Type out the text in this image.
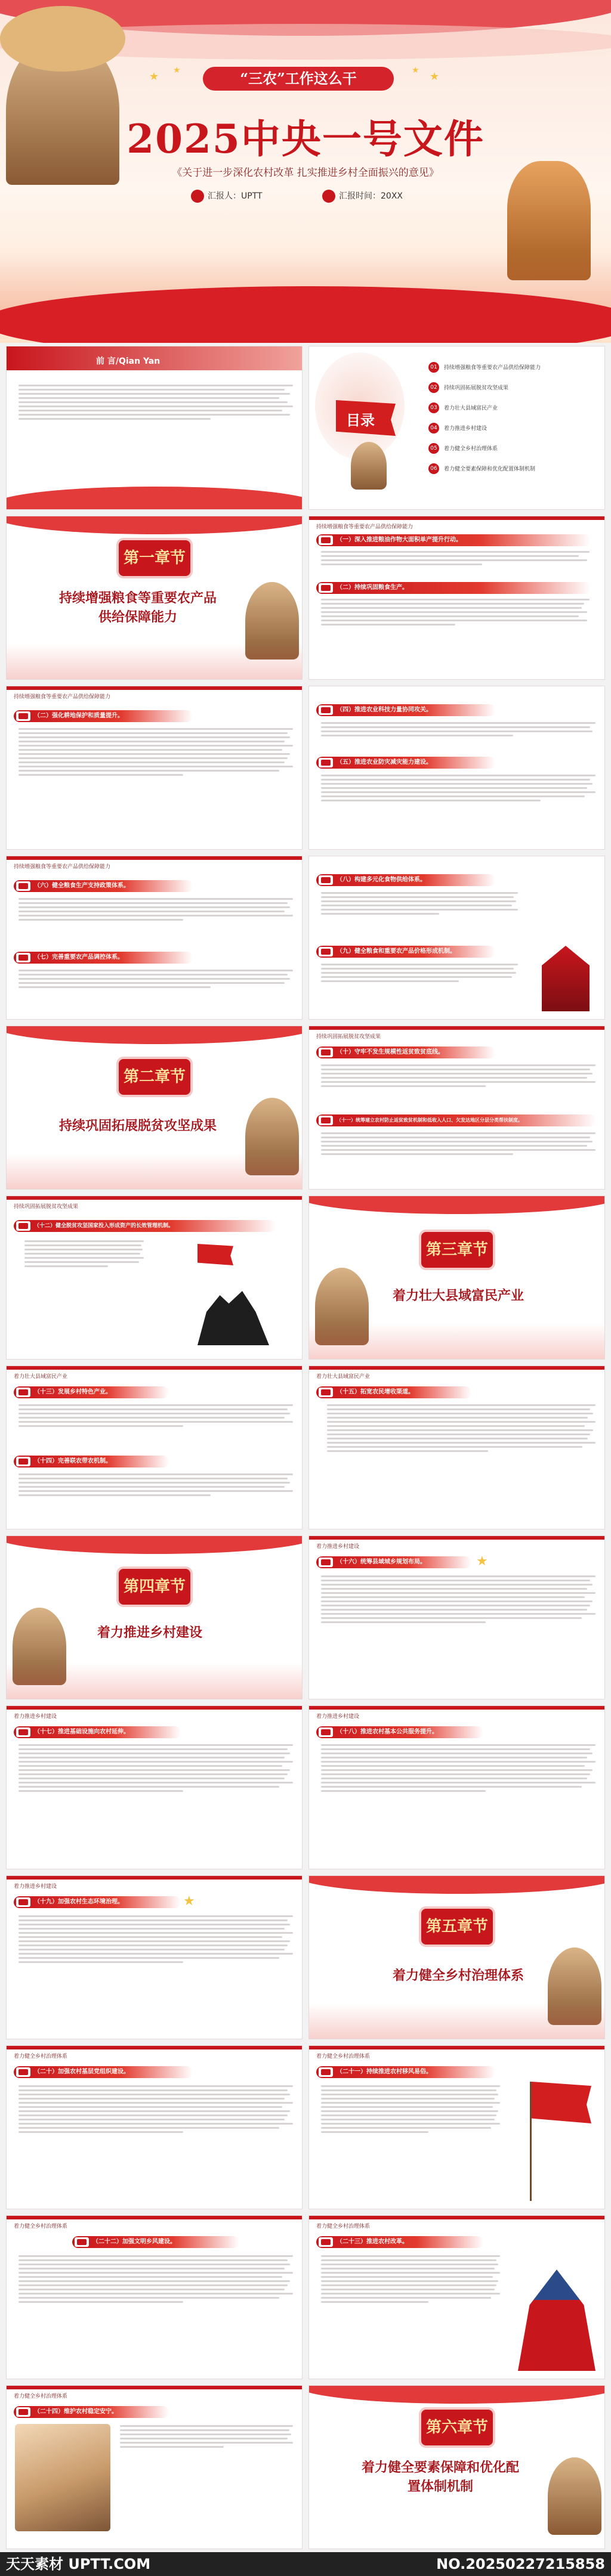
★ ★	★ ★
“三农”工作这么干
2025中央一号文件
《关于进一步深化农村改革 扎实推进乡村全面振兴的意见》
汇报人：UPTT	汇报时间：20XX
前 言/Qian Yan
目录
01	持续增强粮食等重要农产品供给保障能力
02	持续巩固拓展脱贫攻坚成果
03	着力壮大县域富民产业
04	着力推进乡村建设
05	着力健全乡村治理体系
06	着力健全要素保障和优化配置体制机制
第一章节
持续增强粮食等重要农产品
供给保障能力
持续增强粮食等重要农产品供给保障能力
（一）深入推进粮油作物大面积单产提升行动。
（二）持续巩固粮食生产。
持续增强粮食等重要农产品供给保障能力
（二）强化耕地保护和质量提升。
（四）推进农业科技力量协同攻关。
（五）推进农业防灾减灾能力建设。
持续增强粮食等重要农产品供给保障能力
（六）健全粮食生产支持政策体系。
（七）完善重要农产品调控体系。
（八）构建多元化食物供给体系。
（九）健全粮食和重要农产品价格形成机制。
第二章节
持续巩固拓展脱贫攻坚成果
持续巩固拓展脱贫攻坚成果
（十）守牢不发生规模性返贫致贫底线。
（十一）统筹建立农村防止返贫致贫机制和低收入人口、欠发达地区分层分类帮扶制度。
持续巩固拓展脱贫攻坚成果
（十二）健全脱贫攻坚国家投入形成资产的长效管理机制。
第三章节
着力壮大县域富民产业
着力壮大县域富民产业
（十三）发展乡村特色产业。
（十四）完善联农带农机制。
着力壮大县域富民产业
（十五）拓宽农民增收渠道。
第四章节
着力推进乡村建设
着力推进乡村建设
（十六）统筹县域城乡规划布局。	★
着力推进乡村建设
（十七）推进基础设施向农村延伸。
着力推进乡村建设
（十八）推进农村基本公共服务提升。
着力推进乡村建设
（十九）加强农村生态环境治理。	★
第五章节
着力健全乡村治理体系
着力健全乡村治理体系
（二十）加强农村基层党组织建设。
着力健全乡村治理体系
（二十一）持续推进农村移风易俗。
着力健全乡村治理体系
（二十二）加强文明乡风建设。
着力健全乡村治理体系
（二十三）推进农村改革。
着力健全乡村治理体系
（二十四）维护农村稳定安宁。
第六章节
着力健全要素保障和优化配
置体制机制
天天素材 UPTT.COM	NO.20250227215858
